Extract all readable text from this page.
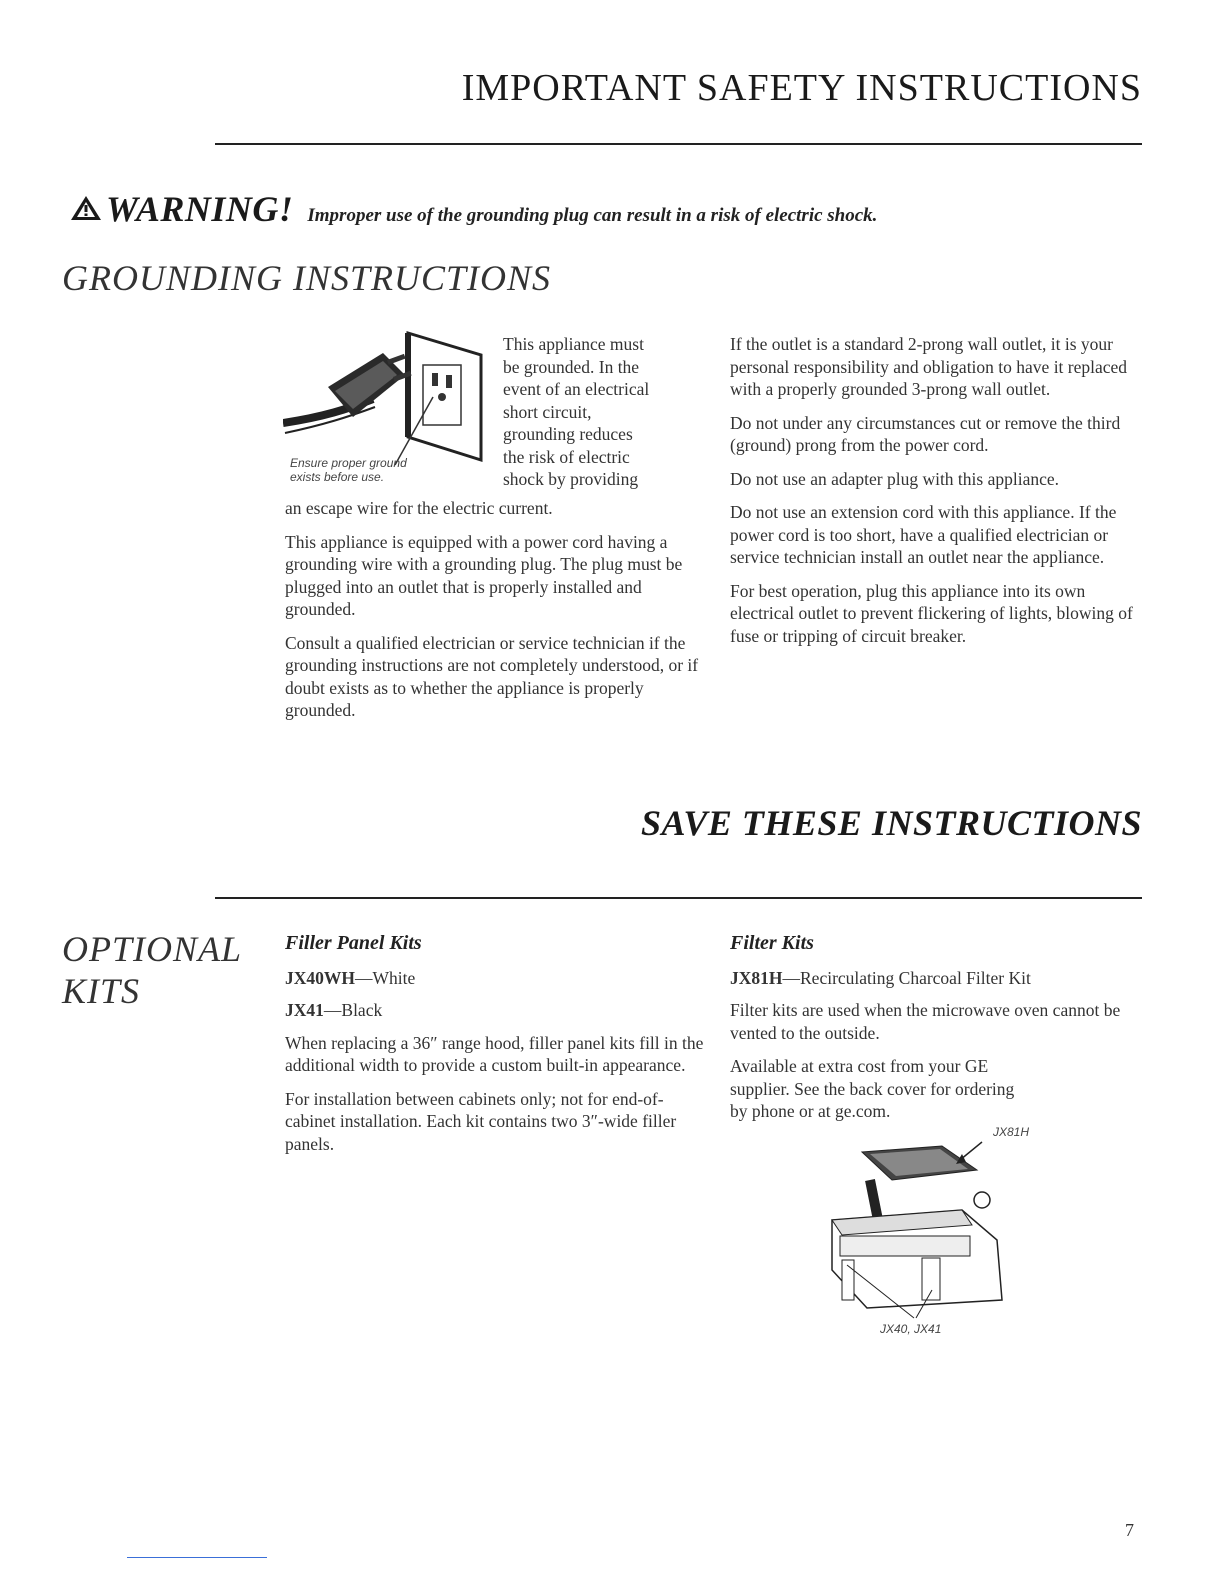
IMPORTANT SAFETY INSTRUCTIONS
WARNING! Improper use of the grounding plug can result in a risk of electric shock.
GROUNDING INSTRUCTIONS
Ensure proper ground
exists before use.
This appliance must
be grounded. In the
event of an electrical
short circuit,
grounding reduces
the risk of electric
shock by providing

an escape wire for the electric current.

This appliance is equipped with a power cord having a grounding wire with a grounding plug. The plug must be plugged into an outlet that is properly installed and grounded.

Consult a qualified electrician or service technician if the grounding instructions are not completely understood, or if doubt exists as to whether the appliance is properly grounded.

If the outlet is a standard 2-prong wall outlet, it is your personal responsibility and obligation to have it replaced with a properly grounded 3-prong wall outlet.

Do not under any circumstances cut or remove the third (ground) prong from the power cord.

Do not use an adapter plug with this appliance.

Do not use an extension cord with this appliance. If the power cord is too short, have a qualified electrician or service technician install an outlet near the appliance.

For best operation, plug this appliance into its own electrical outlet to prevent flickering of lights, blowing of fuse or tripping of circuit breaker.

SAVE THESE INSTRUCTIONS
OPTIONAL
KITS
Filler Panel Kits
JX40WH—White
JX41—Black

When replacing a 36″ range hood, filler panel kits fill in the additional width to provide a custom built-in appearance.

For installation between cabinets only; not for end-of-cabinet installation. Each kit contains two 3″-wide filler panels.

Filter Kits
JX81H—Recirculating Charcoal Filter Kit

Filter kits are used when the microwave oven cannot be vented to the outside.

Available at extra cost from your GE supplier. See the back cover for ordering by phone or at ge.com.

JX81H
JX40, JX41
7
